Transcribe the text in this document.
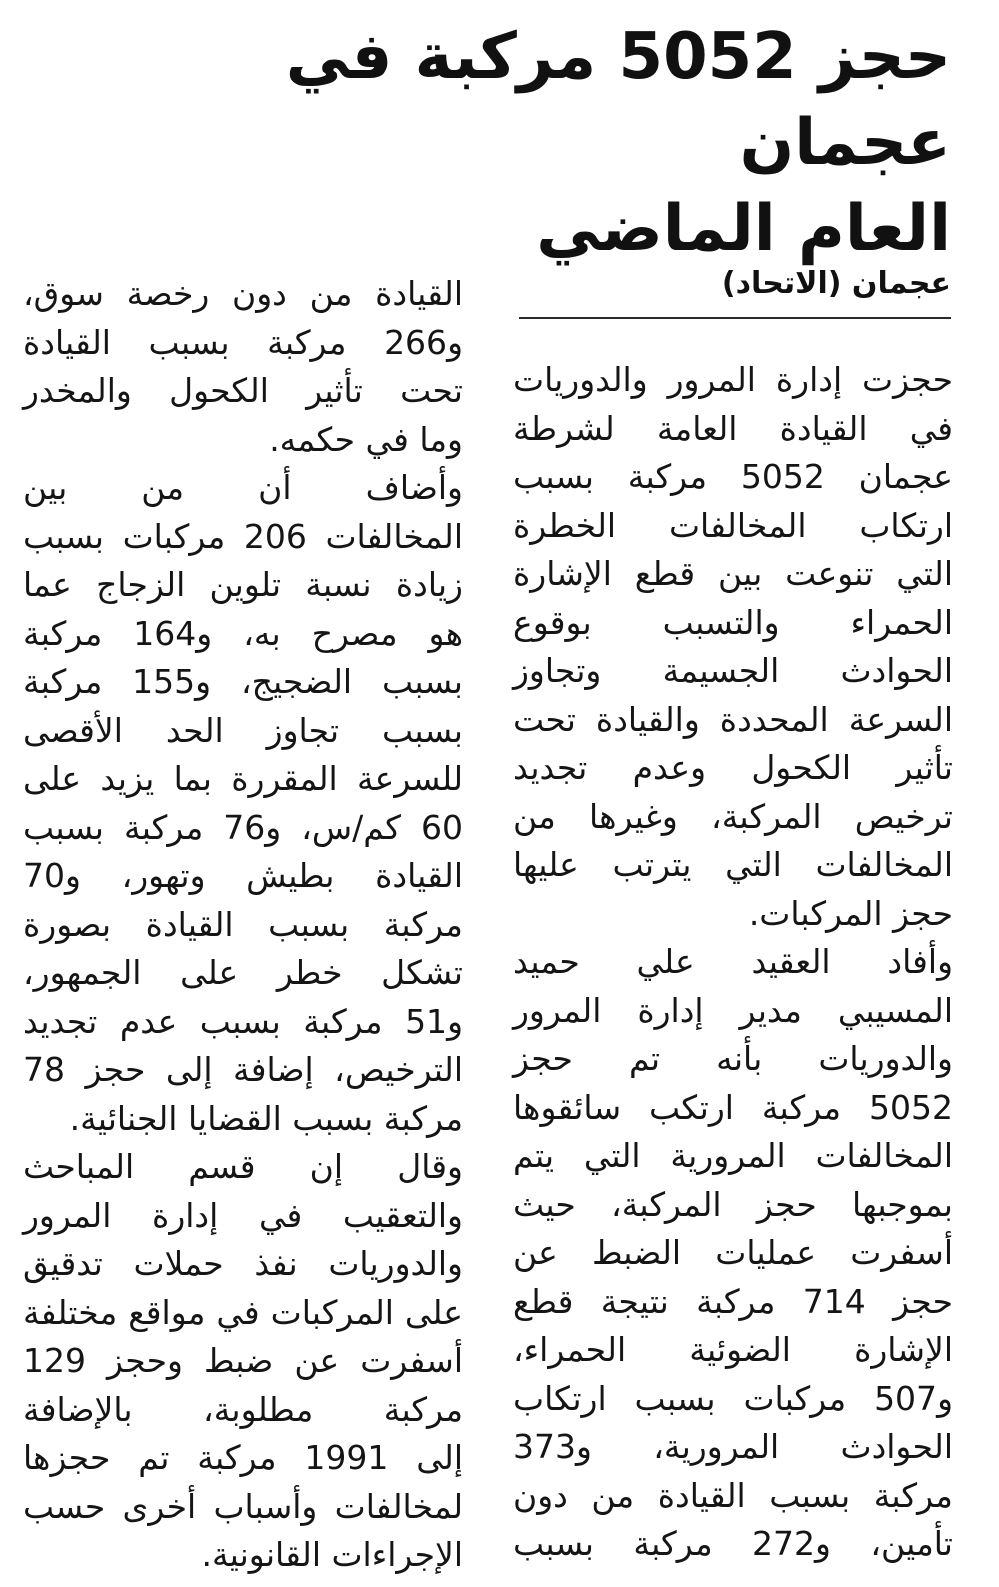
حجز 5052 مركبة في عجمان
العام الماضي
عجمان (الاتحاد)
حجزت إدارة المرور والدوريات
في القيادة العامة لشرطة
عجمان 5052 مركبة بسبب
ارتكاب المخالفات الخطرة
التي تنوعت بين قطع الإشارة
الحمراء والتسبب بوقوع
الحوادث الجسيمة وتجاوز
السرعة المحددة والقيادة تحت
تأثير الكحول وعدم تجديد
ترخيص المركبة، وغيرها من
المخالفات التي يترتب عليها
حجز المركبات.
وأفاد العقيد علي حميد
المسيبي مدير إدارة المرور
والدوريات بأنه تم حجز
5052 مركبة ارتكب سائقوها
المخالفات المرورية التي يتم
بموجبها حجز المركبة، حيث
أسفرت عمليات الضبط عن
حجز 714 مركبة نتيجة قطع
الإشارة الضوئية الحمراء،
و507 مركبات بسبب ارتكاب
الحوادث المرورية، و373
مركبة بسبب القيادة من دون
تأمين، و272 مركبة بسبب
القيادة من دون رخصة سوق،
و266 مركبة بسبب القيادة
تحت تأثير الكحول والمخدر
وما في حكمه.
وأضاف أن من بين
المخالفات 206 مركبات بسبب
زيادة نسبة تلوين الزجاج عما
هو مصرح به، و164 مركبة
بسبب الضجيج، و155 مركبة
بسبب تجاوز الحد الأقصى
للسرعة المقررة بما يزيد على
60 كم/س، و76 مركبة بسبب
القيادة بطيش وتهور، و70
مركبة بسبب القيادة بصورة
تشكل خطر على الجمهور،
و51 مركبة بسبب عدم تجديد
الترخيص، إضافة إلى حجز 78
مركبة بسبب القضايا الجنائية.
وقال إن قسم المباحث
والتعقيب في إدارة المرور
والدوريات نفذ حملات تدقيق
على المركبات في مواقع مختلفة
أسفرت عن ضبط وحجز 129
مركبة مطلوبة، بالإضافة
إلى 1991 مركبة تم حجزها
لمخالفات وأسباب أخرى حسب
الإجراءات القانونية.
